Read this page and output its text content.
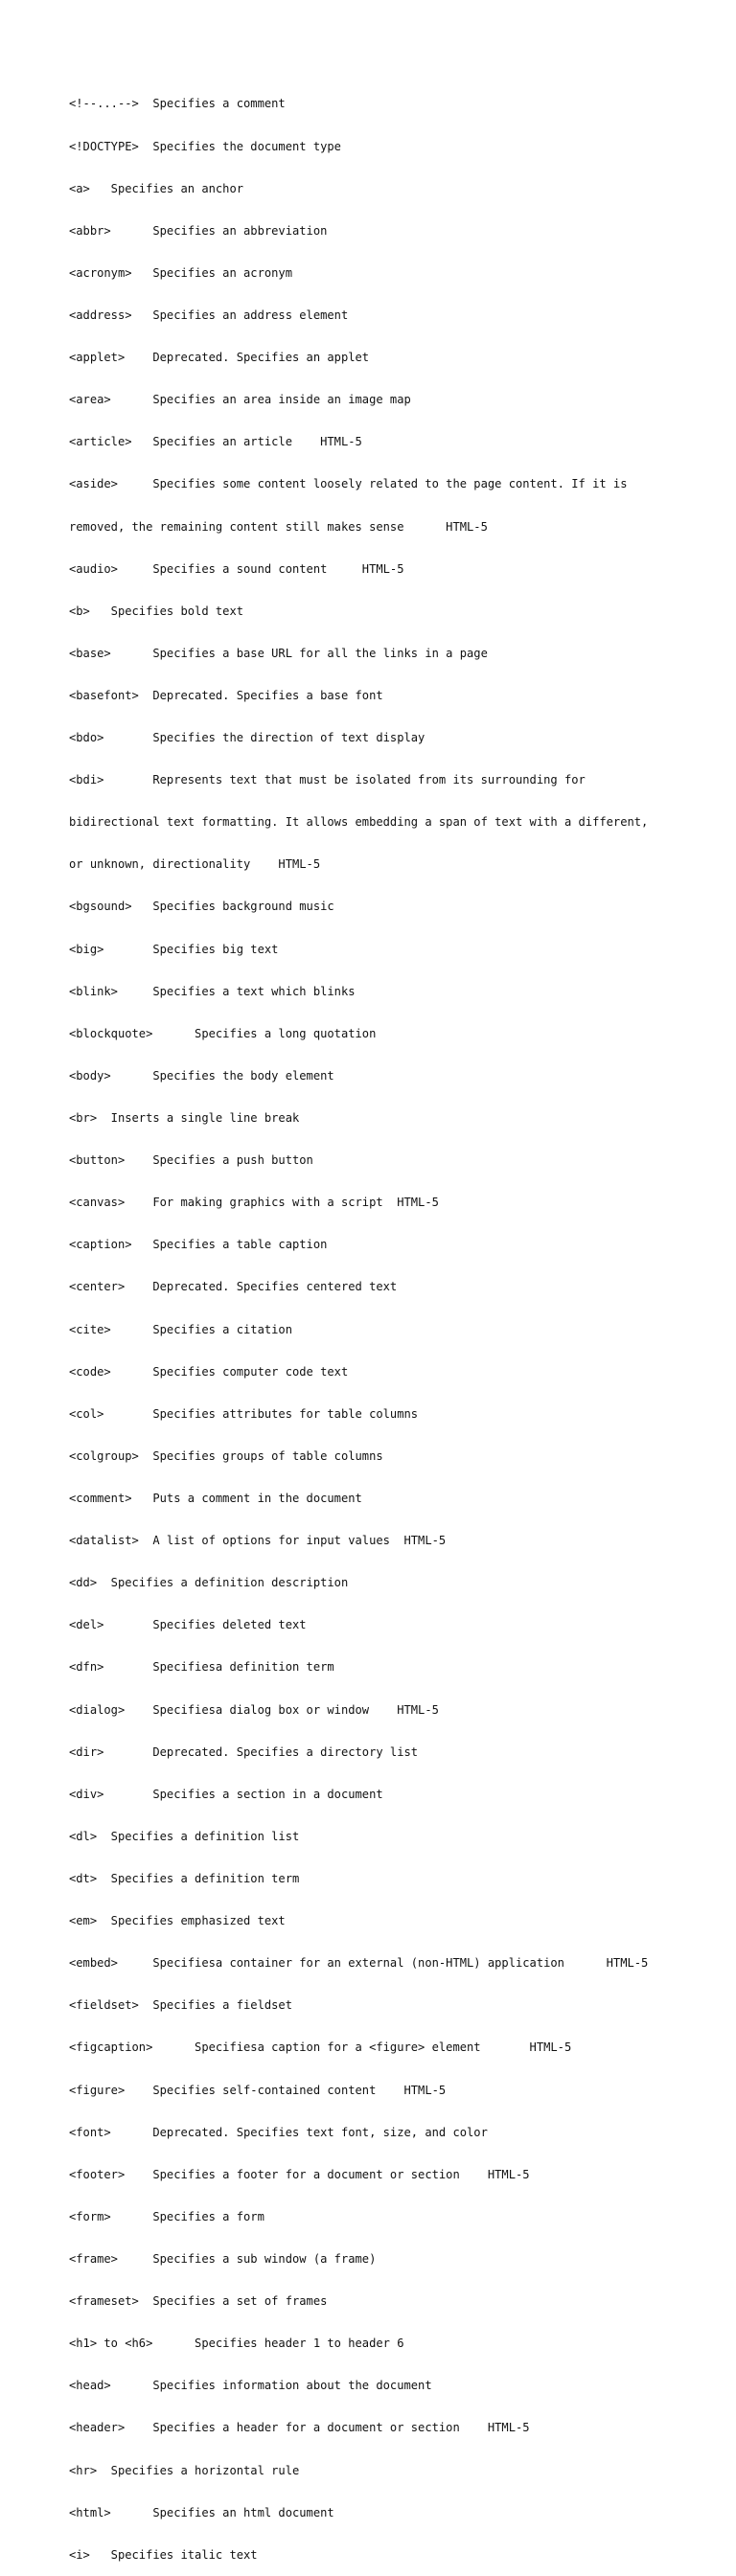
<!--...-->  Specifies a comment

<!DOCTYPE>  Specifies the document type

<a>   Specifies an anchor

<abbr>      Specifies an abbreviation

<acronym>   Specifies an acronym

<address>   Specifies an address element

<applet>    Deprecated. Specifies an applet

<area>      Specifies an area inside an image map

<article>   Specifies an article    HTML-5

<aside>     Specifies some content loosely related to the page content. If it is

removed, the remaining content still makes sense      HTML-5

<audio>     Specifies a sound content     HTML-5

<b>   Specifies bold text

<base>      Specifies a base URL for all the links in a page

<basefont>  Deprecated. Specifies a base font

<bdo>       Specifies the direction of text display

<bdi>       Represents text that must be isolated from its surrounding for

bidirectional text formatting. It allows embedding a span of text with a different,

or unknown, directionality    HTML-5

<bgsound>   Specifies background music

<big>       Specifies big text

<blink>     Specifies a text which blinks

<blockquote>      Specifies a long quotation

<body>      Specifies the body element

<br>  Inserts a single line break

<button>    Specifies a push button

<canvas>    For making graphics with a script  HTML-5

<caption>   Specifies a table caption

<center>    Deprecated. Specifies centered text

<cite>      Specifies a citation

<code>      Specifies computer code text

<col>       Specifies attributes for table columns

<colgroup>  Specifies groups of table columns

<comment>   Puts a comment in the document

<datalist>  A list of options for input values  HTML-5

<dd>  Specifies a definition description

<del>       Specifies deleted text

<dfn>       Specifiesa definition term

<dialog>    Specifiesa dialog box or window    HTML-5

<dir>       Deprecated. Specifies a directory list

<div>       Specifies a section in a document

<dl>  Specifies a definition list

<dt>  Specifies a definition term

<em>  Specifies emphasized text

<embed>     Specifiesa container for an external (non-HTML) application      HTML-5

<fieldset>  Specifies a fieldset

<figcaption>      Specifiesa caption for a <figure> element       HTML-5

<figure>    Specifies self-contained content    HTML-5

<font>      Deprecated. Specifies text font, size, and color

<footer>    Specifies a footer for a document or section    HTML-5

<form>      Specifies a form

<frame>     Specifies a sub window (a frame)

<frameset>  Specifies a set of frames

<h1> to <h6>      Specifies header 1 to header 6

<head>      Specifies information about the document

<header>    Specifies a header for a document or section    HTML-5

<hr>  Specifies a horizontal rule

<html>      Specifies an html document

<i>   Specifies italic text
